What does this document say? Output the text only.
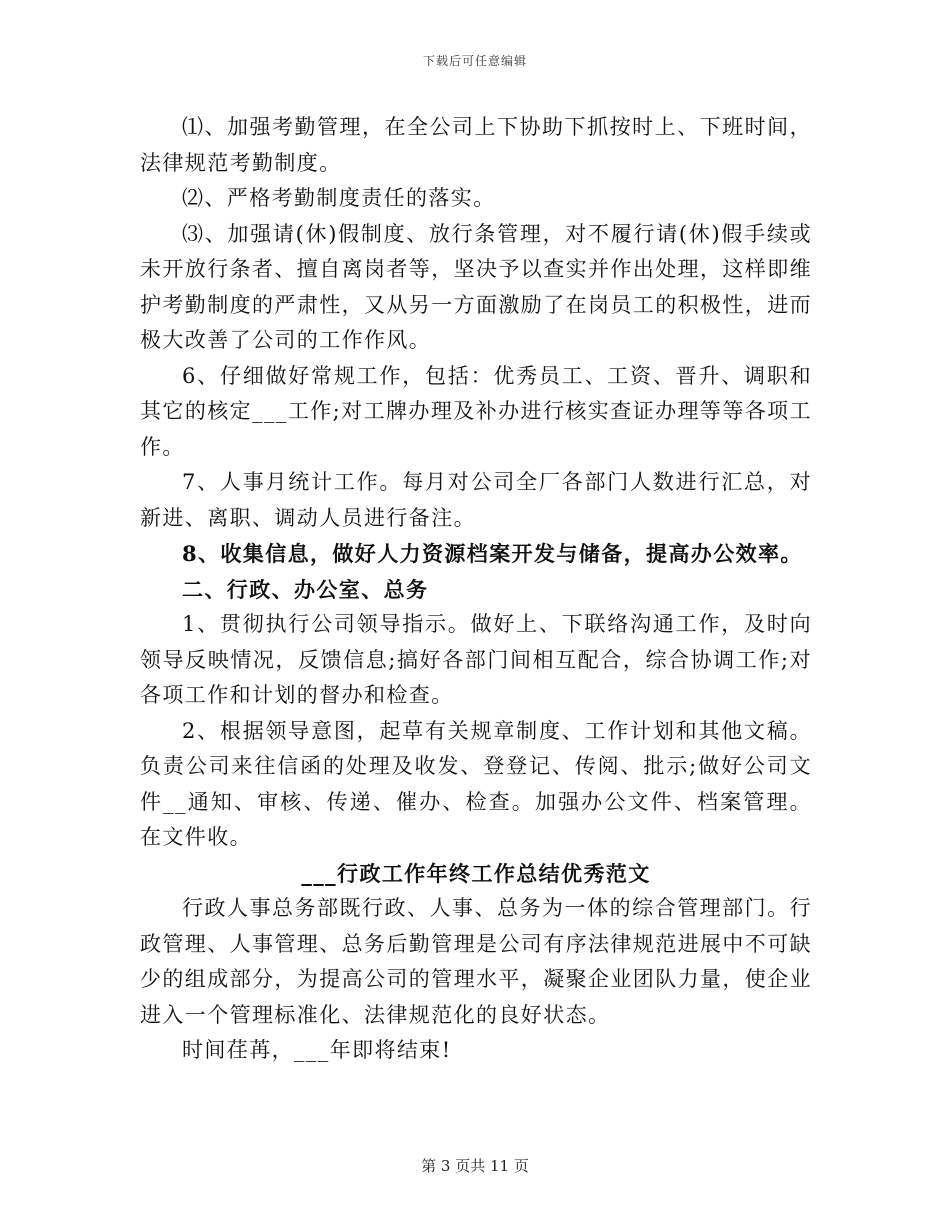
下载后可任意编辑

⑴、加强考勤管理，在全公司上下协助下抓按时上、下班时间，法律规范考勤制度。

⑵、严格考勤制度责任的落实。

⑶、加强请(休)假制度、放行条管理，对不履行请(休)假手续或未开放行条者、擅自离岗者等，坚决予以查实并作出处理，这样即维护考勤制度的严肃性，又从另一方面激励了在岗员工的积极性，进而极大改善了公司的工作作风。

6、仔细做好常规工作，包括：优秀员工、工资、晋升、调职和其它的核定___工作;对工牌办理及补办进行核实查证办理等等各项工作。

7、人事月统计工作。每月对公司全厂各部门人数进行汇总，对新进、离职、调动人员进行备注。

8、收集信息，做好人力资源档案开发与储备，提高办公效率。

二、行政、办公室、总务

1、贯彻执行公司领导指示。做好上、下联络沟通工作，及时向领导反映情况，反馈信息;搞好各部门间相互配合，综合协调工作;对各项工作和计划的督办和检查。

2、根据领导意图，起草有关规章制度、工作计划和其他文稿。负责公司来往信函的处理及收发、登登记、传阅、批示;做好公司文件__通知、审核、传递、催办、检查。加强办公文件、档案管理。在文件收。

___行政工作年终工作总结优秀范文

行政人事总务部既行政、人事、总务为一体的综合管理部门。行政管理、人事管理、总务后勤管理是公司有序法律规范进展中不可缺少的组成部分，为提高公司的管理水平，凝聚企业团队力量，使企业进入一个管理标准化、法律规范化的良好状态。

时间荏苒，___年即将结束!

第 3 页共 11 页
